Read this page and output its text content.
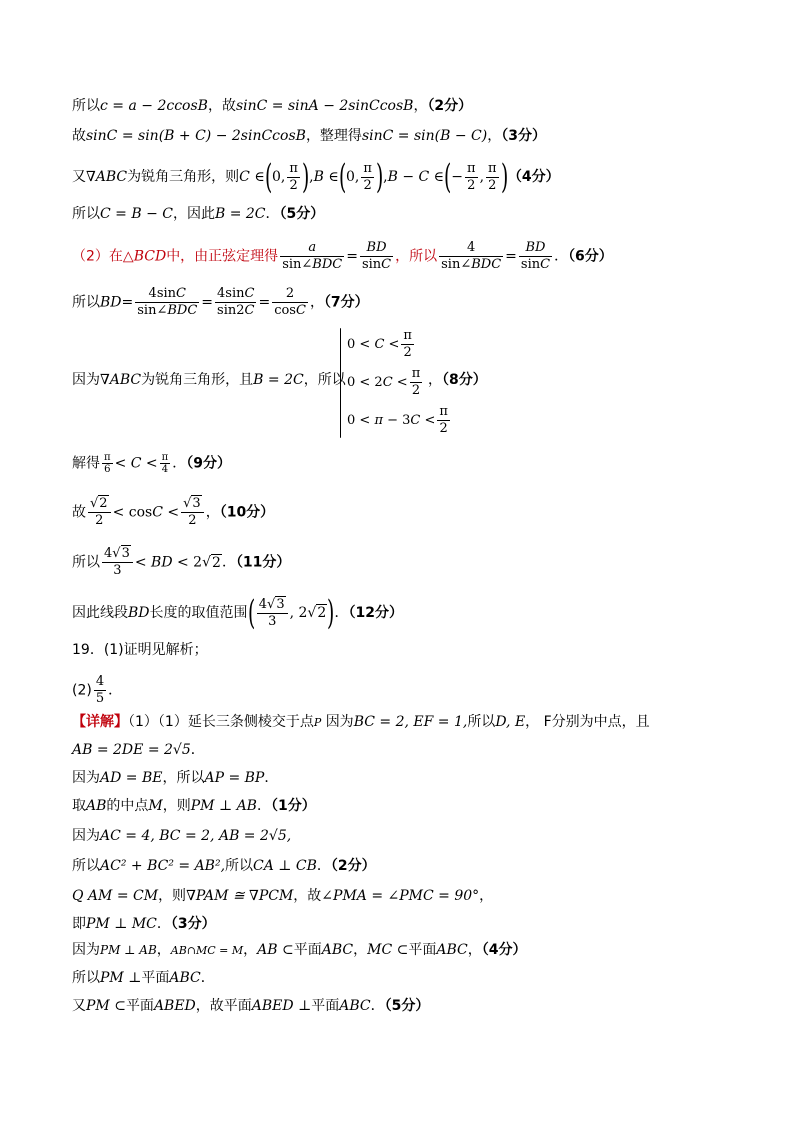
所以c = a − 2ccosB，故sinC = sinA − 2sinCcosB，（2分）
故sinC = sin(B + C) − 2sinCcosB，整理得sinC = sin(B − C)，（3分）
又∇ABC为锐角三角形，则C ∈(0, $\frac{\pi}{2} ),B$ ∈(0, $\frac{\pi}{2} ),B - C$ ∈(− $\frac{\pi}{2}$ , $\frac{\pi}{2} )(4$分）
所以C = B − C，因此B = 2C．（5分）
（2）在△BCD中，由正弦定理得 $\frac{a}{\text{sin∠BDC}} = \frac{BD}{\sin C}$ ，所以 $\frac{4}{\text{sin∠BDC}} = \frac{BD}{\sin C}$ ．（6分）
所以$BD= \frac{4\sin C}{\text{sin∠BDC}} = \frac{4\sin C}{\sin 2C} = \frac{2}{\cos C}$ ，（7分）
因为∇ABC为锐角三角形，且B = 2C，所以
$0 < C < \frac{\pi}{2}$
$0 < 2C < \frac{\pi}{2}$
$0 < \pi - 3C < \frac{\pi}{2}$
，（8分）
解得 $\frac{\pi}{6} < C < \frac{\pi}{4}$ ．（9分）
故 $\frac{√2}{2} < \cos C < \frac{√3}{2}$ ，（10分）
所以 $\frac{4√3}{3}$ < BD < 2√2．（11分）
因此线段BD长度的取值范围( $\frac{4√3}{3}$ , 2√2)．（12分）
19．(1)证明见解析；
$(2) \frac{4}{5}$ ．
【详解】（1）（1）延长三条侧棱交于点P 因为BC = 2, EF = 1,所以D, E， F分别为中点，且
AB = 2DE = 2√5．
因为AD = BE，所以AP = BP．
取AB的中点M，则PM ⊥ AB．（1分）
因为AC = 4, BC = 2, AB = 2√5,
所以AC² + BC² = AB²,所以CA ⊥ CB．（2分）
Q AM = CM，则∇PAM ≅ ∇PCM，故∠PMA = ∠PMC = 90°，
即PM ⊥ MC．（3分）
因为PM ⊥ AB，AB∩MC = M，AB ⊂平面ABC，MC ⊂平面ABC，（4分）
所以PM ⊥平面ABC．
又PM ⊂平面ABED，故平面ABED ⊥平面ABC．（5分）
